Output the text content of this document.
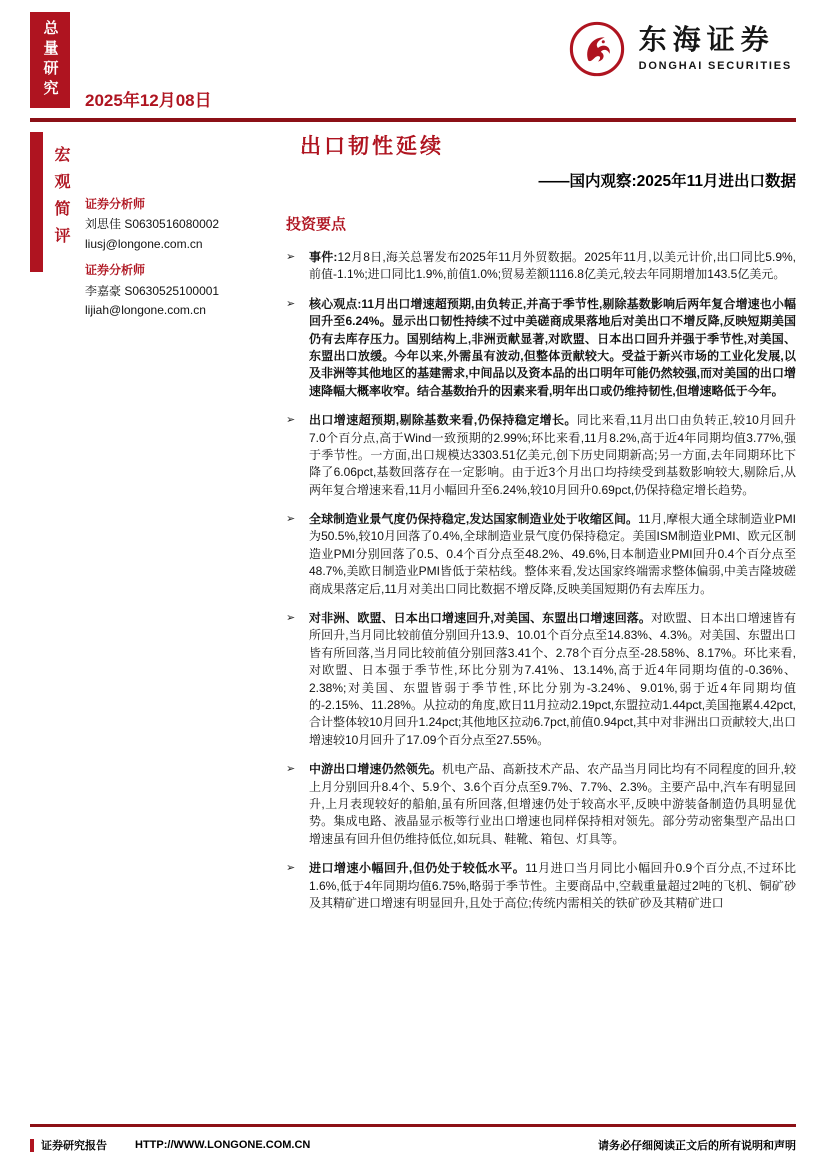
总量研究
2025年12月08日
东海证券
DONGHAI SECURITIES
宏观简评 证券分析师

刘思佳 S0630516080002

liusj@longone.com.cn

证券分析师

李嘉豪 S0630525100001

lijiah@longone.com.cn
出口韧性延续

——国内观察:2025年11月进出口数据

投资要点
➢	事件:12月8日,海关总署发布2025年11月外贸数据。2025年11月,以美元计价,出口同比5.9%,前值-1.1%;进口同比1.9%,前值1.0%;贸易差额1116.8亿美元,较去年同期增加143.5亿美元。

➢	核心观点:11月出口增速超预期,由负转正,并高于季节性,剔除基数影响后两年复合增速也小幅回升至6.24%。显示出口韧性持续不过中美磋商成果落地后对美出口不增反降,反映短期美国仍有去库存压力。国别结构上,非洲贡献显著,对欧盟、日本出口回升并强于季节性,对美国、东盟出口放缓。今年以来,外需虽有波动,但整体贡献较大。受益于新兴市场的工业化发展,以及非洲等其他地区的基建需求,中间品以及资本品的出口明年可能仍然较强,而对美国的出口增速降幅大概率收窄。结合基数抬升的因素来看,明年出口或仍维持韧性,但增速略低于今年。

➢	出口增速超预期,剔除基数来看,仍保持稳定增长。同比来看,11月出口由负转正,较10月回升7.0个百分点,高于Wind一致预期的2.99%;环比来看,11月8.2%,高于近4年同期均值3.77%,强于季节性。一方面,出口规模达3303.51亿美元,创下历史同期新高;另一方面,去年同期环比下降了6.06pct,基数回落存在一定影响。由于近3个月出口均持续受到基数影响较大,剔除后,从两年复合增速来看,11月小幅回升至6.24%,较10月回升0.69pct,仍保持稳定增长趋势。

➢	全球制造业景气度仍保持稳定,发达国家制造业处于收缩区间。11月,摩根大通全球制造业PMI为50.5%,较10月回落了0.4%,全球制造业景气度仍保持稳定。美国ISM制造业PMI、欧元区制造业PMI分别回落了0.5、0.4个百分点至48.2%、49.6%,日本制造业PMI回升0.4个百分点至48.7%,美欧日制造业PMI皆低于荣枯线。整体来看,发达国家终端需求整体偏弱,中美吉隆坡磋商成果落定后,11月对美出口同比数据不增反降,反映美国短期仍有去库压力。

➢	对非洲、欧盟、日本出口增速回升,对美国、东盟出口增速回落。对欧盟、日本出口增速皆有所回升,当月同比较前值分别回升13.9、10.01个百分点至14.83%、4.3%。对美国、东盟出口皆有所回落,当月同比较前值分别回落3.41个、2.78个百分点至-28.58%、8.17%。环比来看,对欧盟、日本强于季节性,环比分别为7.41%、13.14%,高于近4年同期均值的-0.36%、2.38%;对美国、东盟皆弱于季节性,环比分别为-3.24%、9.01%,弱于近4年同期均值的-2.15%、11.28%。从拉动的角度,欧日11月拉动2.19pct,东盟拉动1.44pct,美国拖累4.42pct,合计整体较10月回升1.24pct;其他地区拉动6.7pct,前值0.94pct,其中对非洲出口贡献较大,出口增速较10月回升了17.09个百分点至27.55%。

➢	中游出口增速仍然领先。机电产品、高新技术产品、农产品当月同比均有不同程度的回升,较上月分别回升8.4个、5.9个、3.6个百分点至9.7%、7.7%、2.3%。主要产品中,汽车有明显回升,上月表现较好的船舶,虽有所回落,但增速仍处于较高水平,反映中游装备制造仍具明显优势。集成电路、液晶显示板等行业出口增速也同样保持相对领先。部分劳动密集型产品出口增速虽有回升但仍维持低位,如玩具、鞋靴、箱包、灯具等。

➢	进口增速小幅回升,但仍处于较低水平。11月进口当月同比小幅回升0.9个百分点,不过环比1.6%,低于4年同期均值6.75%,略弱于季节性。主要商品中,空载重量超过2吨的飞机、铜矿砂及其精矿进口增速有明显回升,且处于高位;传统内需相关的铁矿砂及其精矿进口

证券研究报告	HTTP://WWW.LONGONE.COM.CN	请务必仔细阅读正文后的所有说明和声明
